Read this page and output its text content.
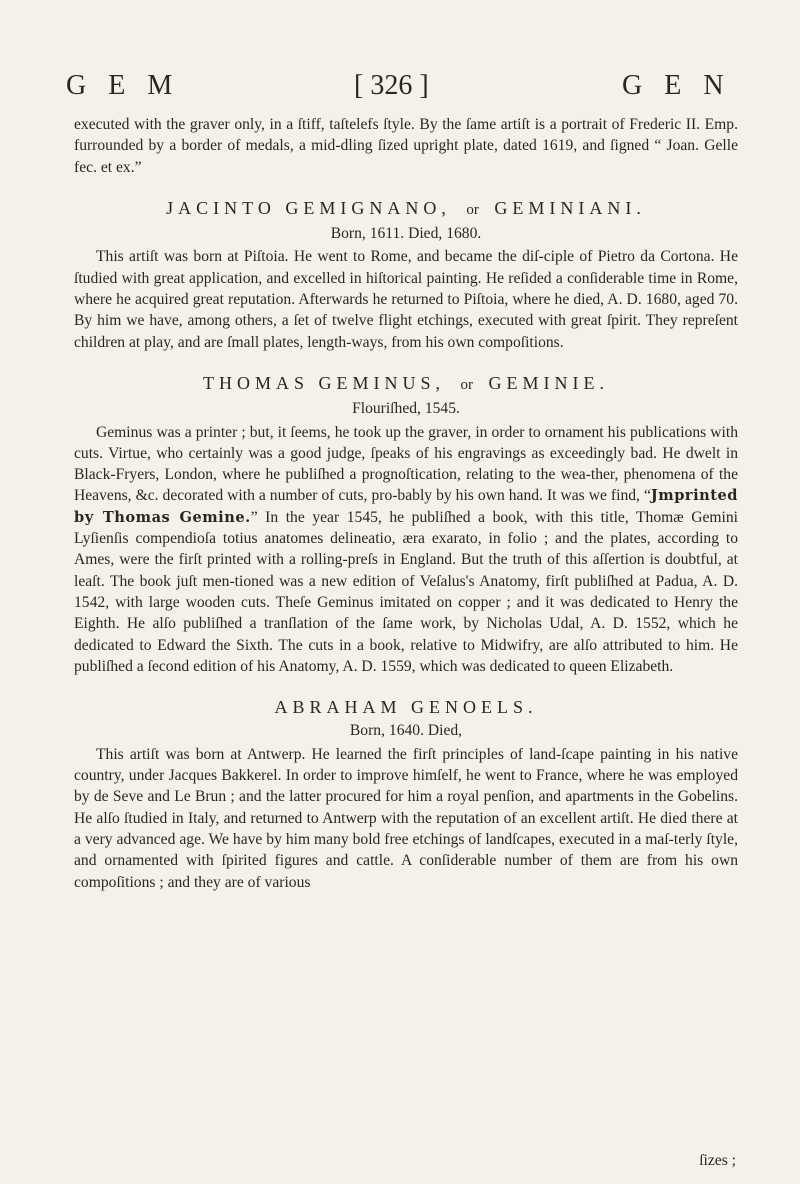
GEM	[ 326 ]	GEN

executed with the graver only, in a ſtiff, taſtelefs ſtyle. By the ſame artiſt is a portrait of Frederic II. Emp. furrounded by a border of medals, a mid-dling ſized upright plate, dated 1619, and ſigned “ Joan. Gelle fec. et ex.”

JACINTO GEMIGNANO, or GEMINIANI.
Born, 1611. Died, 1680.

This artiſt was born at Piſtoia. He went to Rome, and became the diſ-ciple of Pietro da Cortona. He ſtudied with great application, and excelled in hiſtorical painting. He reſided a conſiderable time in Rome, where he acquired great reputation. Afterwards he returned to Piſtoia, where he died, A. D. 1680, aged 70. By him we have, among others, a ſet of twelve flight etchings, executed with great ſpirit. They repreſent children at play, and are ſmall plates, length-ways, from his own compoſitions.

THOMAS GEMINUS, or GEMINIE.
Flouriſhed, 1545.

Geminus was a printer ; but, it ſeems, he took up the graver, in order to ornament his publications with cuts. Virtue, who certainly was a good judge, ſpeaks of his engravings as exceedingly bad. He dwelt in Black-Fryers, London, where he publiſhed a prognoſtication, relating to the wea-ther, phenomena of the Heavens, &c. decorated with a number of cuts, pro-bably by his own hand. It was we find, “Jmprinted by Thomas Gemine.” In the year 1545, he publiſhed a book, with this title, Thomæ Gemini Lyſienſis compendioſa totius anatomes delineatio, æra exarato, in folio ; and the plates, according to Ames, were the firſt printed with a rolling-preſs in England. But the truth of this aſſertion is doubtful, at leaſt. The book juſt men-tioned was a new edition of Veſalus's Anatomy, firſt publiſhed at Padua, A. D. 1542, with large wooden cuts. Theſe Geminus imitated on copper ; and it was dedicated to Henry the Eighth. He alſo publiſhed a tranſlation of the ſame work, by Nicholas Udal, A. D. 1552, which he dedicated to Edward the Sixth. The cuts in a book, relative to Midwifry, are alſo attributed to him. He publiſhed a ſecond edition of his Anatomy, A. D. 1559, which was dedicated to queen Elizabeth.

ABRAHAM GENOELS.
Born, 1640. Died,

This artiſt was born at Antwerp. He learned the firſt principles of land-ſcape painting in his native country, under Jacques Bakkerel. In order to improve himſelf, he went to France, where he was employed by de Seve and Le Brun ; and the latter procured for him a royal penſion, and apartments in the Gobelins. He alſo ſtudied in Italy, and returned to Antwerp with the reputation of an excellent artiſt. He died there at a very advanced age. We have by him many bold free etchings of landſcapes, executed in a maſ-terly ſtyle, and ornamented with ſpirited figures and cattle. A conſiderable number of them are from his own compoſitions ; and they are of various

ſizes ;
